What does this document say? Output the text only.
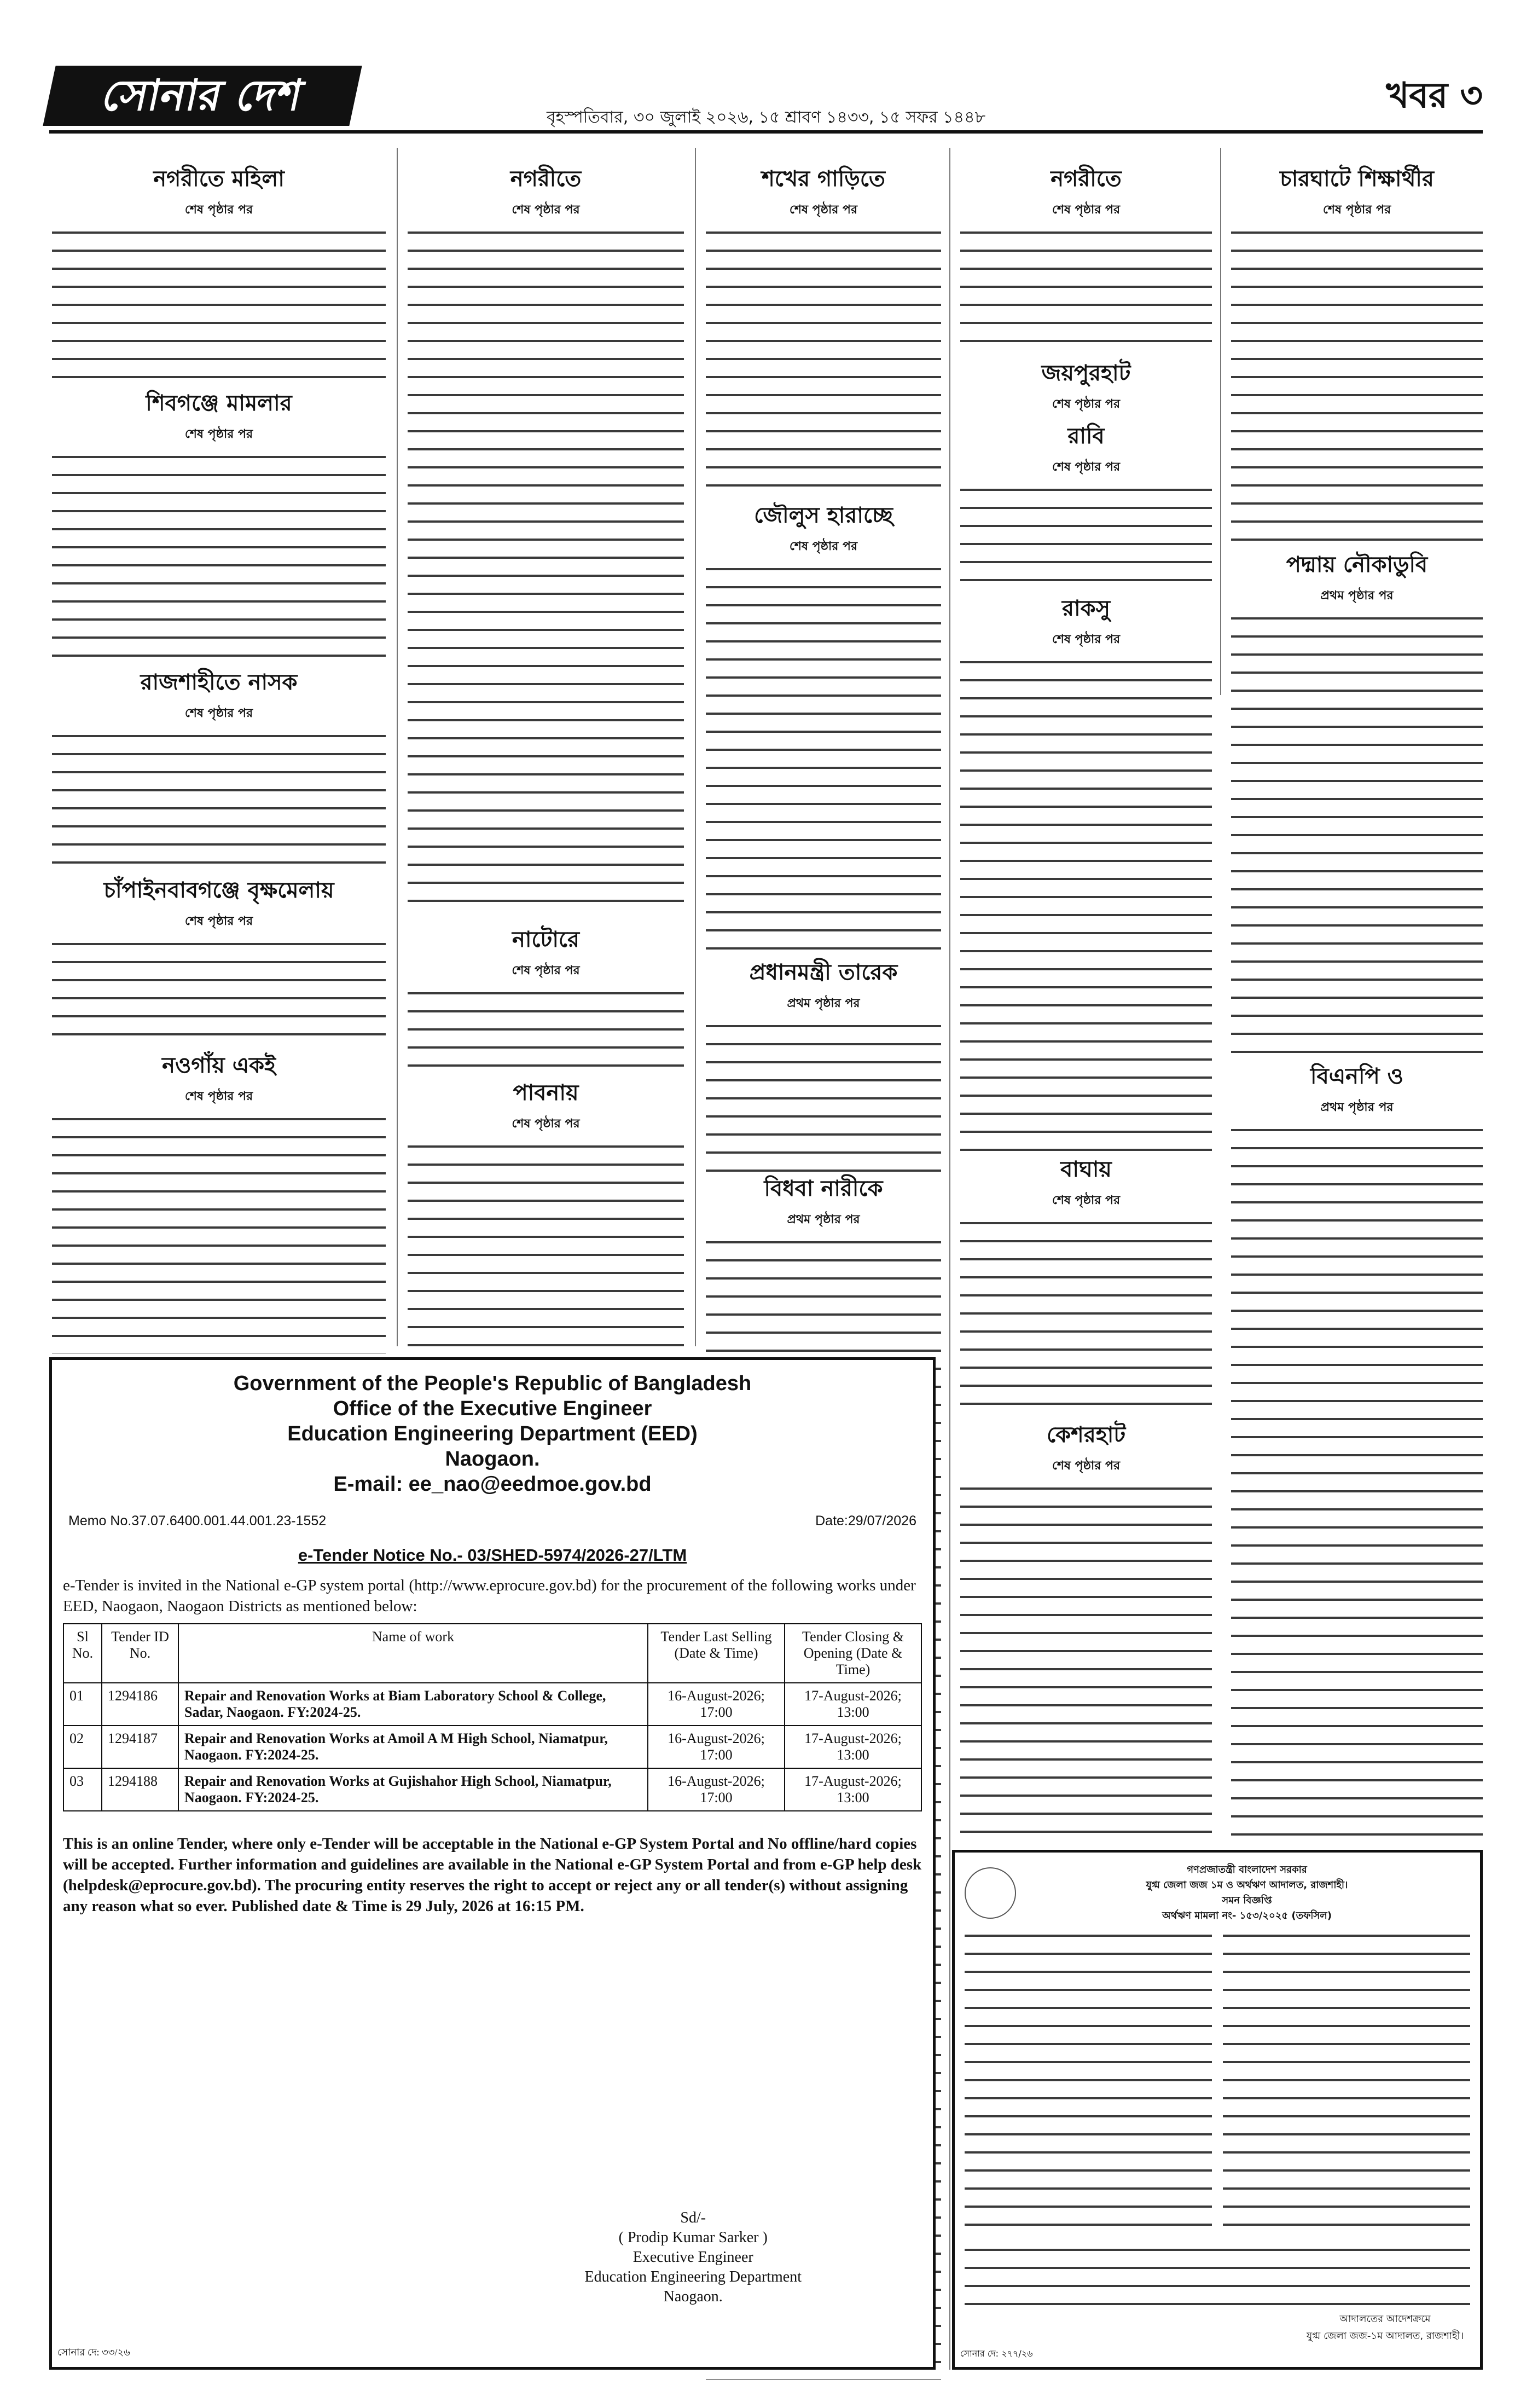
সোনার দেশ	বৃহস্পতিবার, ৩০ জুলাই ২০২৬, ১৫ শ্রাবণ ১৪৩৩, ১৫ সফর ১৪৪৮
খবর ৩
নগরীতে মহিলা
শেষ পৃষ্ঠার পর
শিবগঞ্জে মামলার
শেষ পৃষ্ঠার পর
রাজশাহীতে নাসক
শেষ পৃষ্ঠার পর
চাঁপাইনবাবগঞ্জে বৃক্ষমেলায়
শেষ পৃষ্ঠার পর
নওগাঁয় একই
শেষ পৃষ্ঠার পর
নগরীতে
শেষ পৃষ্ঠার পর
নাটোরে
শেষ পৃষ্ঠার পর
পাবনায়
শেষ পৃষ্ঠার পর
শখের গাড়িতে
শেষ পৃষ্ঠার পর
জৌলুস হারাচ্ছে
শেষ পৃষ্ঠার পর
প্রধানমন্ত্রী তারেক
প্রথম পৃষ্ঠার পর
বিধবা নারীকে
প্রথম পৃষ্ঠার পর
নগরীতে
শেষ পৃষ্ঠার পর
জয়পুরহাট
শেষ পৃষ্ঠার পর
রাবি
শেষ পৃষ্ঠার পর
রাকসু
শেষ পৃষ্ঠার পর
বাঘায়
শেষ পৃষ্ঠার পর
কেশরহাট
শেষ পৃষ্ঠার পর
চারঘাটে শিক্ষার্থীর
শেষ পৃষ্ঠার পর
পদ্মায় নৌকাডুবি
প্রথম পৃষ্ঠার পর
বিএনপি ও
প্রথম পৃষ্ঠার পর
Government of the People's Republic of Bangladesh
Office of the Executive Engineer
Education Engineering Department (EED)
Naogaon.
E-mail: ee_nao@eedmoe.gov.bd
Memo No.37.07.6400.001.44.001.23-1552	Date:29/07/2026
e-Tender Notice No.- 03/SHED-5974/2026-27/LTM
e-Tender is invited in the National e-GP system portal (http://www.eprocure.gov.bd) for the procurement of the following works under EED, Naogaon, Naogaon Districts as mentioned below:
Sl No.	Tender ID No.	Name of work	Tender Last Selling (Date & Time)	Tender Closing & Opening (Date & Time)
01	1294186	Repair and Renovation Works at Biam Laboratory School & College, Sadar, Naogaon. FY:2024-25.	16-August-2026; 17:00	17-August-2026; 13:00
02	1294187	Repair and Renovation Works at Amoil A M High School, Niamatpur, Naogaon. FY:2024-25.	16-August-2026; 17:00	17-August-2026; 13:00
03	1294188	Repair and Renovation Works at Gujishahor High School, Niamatpur, Naogaon. FY:2024-25.	16-August-2026; 17:00	17-August-2026; 13:00
This is an online Tender, where only e-Tender will be acceptable in the National e-GP System Portal and No offline/hard copies will be accepted. Further information and guidelines are available in the National e-GP System Portal and from e-GP help desk (helpdesk@eprocure.gov.bd). The procuring entity reserves the right to accept or reject any or all tender(s) without assigning any reason what so ever. Published date & Time is 29 July, 2026 at 16:15 PM.
Sd/-
( Prodip Kumar Sarker )
Executive Engineer
Education Engineering Department
Naogaon.
সোনার দে: ৩৩/২৬
গণপ্রজাতন্ত্রী বাংলাদেশ সরকার
যুগ্ম জেলা জজ ১ম ও অর্থঋণ আদালত, রাজশাহী।
সমন বিজ্ঞপ্তি
অর্থঋণ মামলা নং- ১৫৩/২০২৫ (তফসিল)
আদালতের আদেশক্রমে
যুগ্ম জেলা জজ-১ম আদালত, রাজশাহী।
সোনার দে: ২৭৭/২৬
